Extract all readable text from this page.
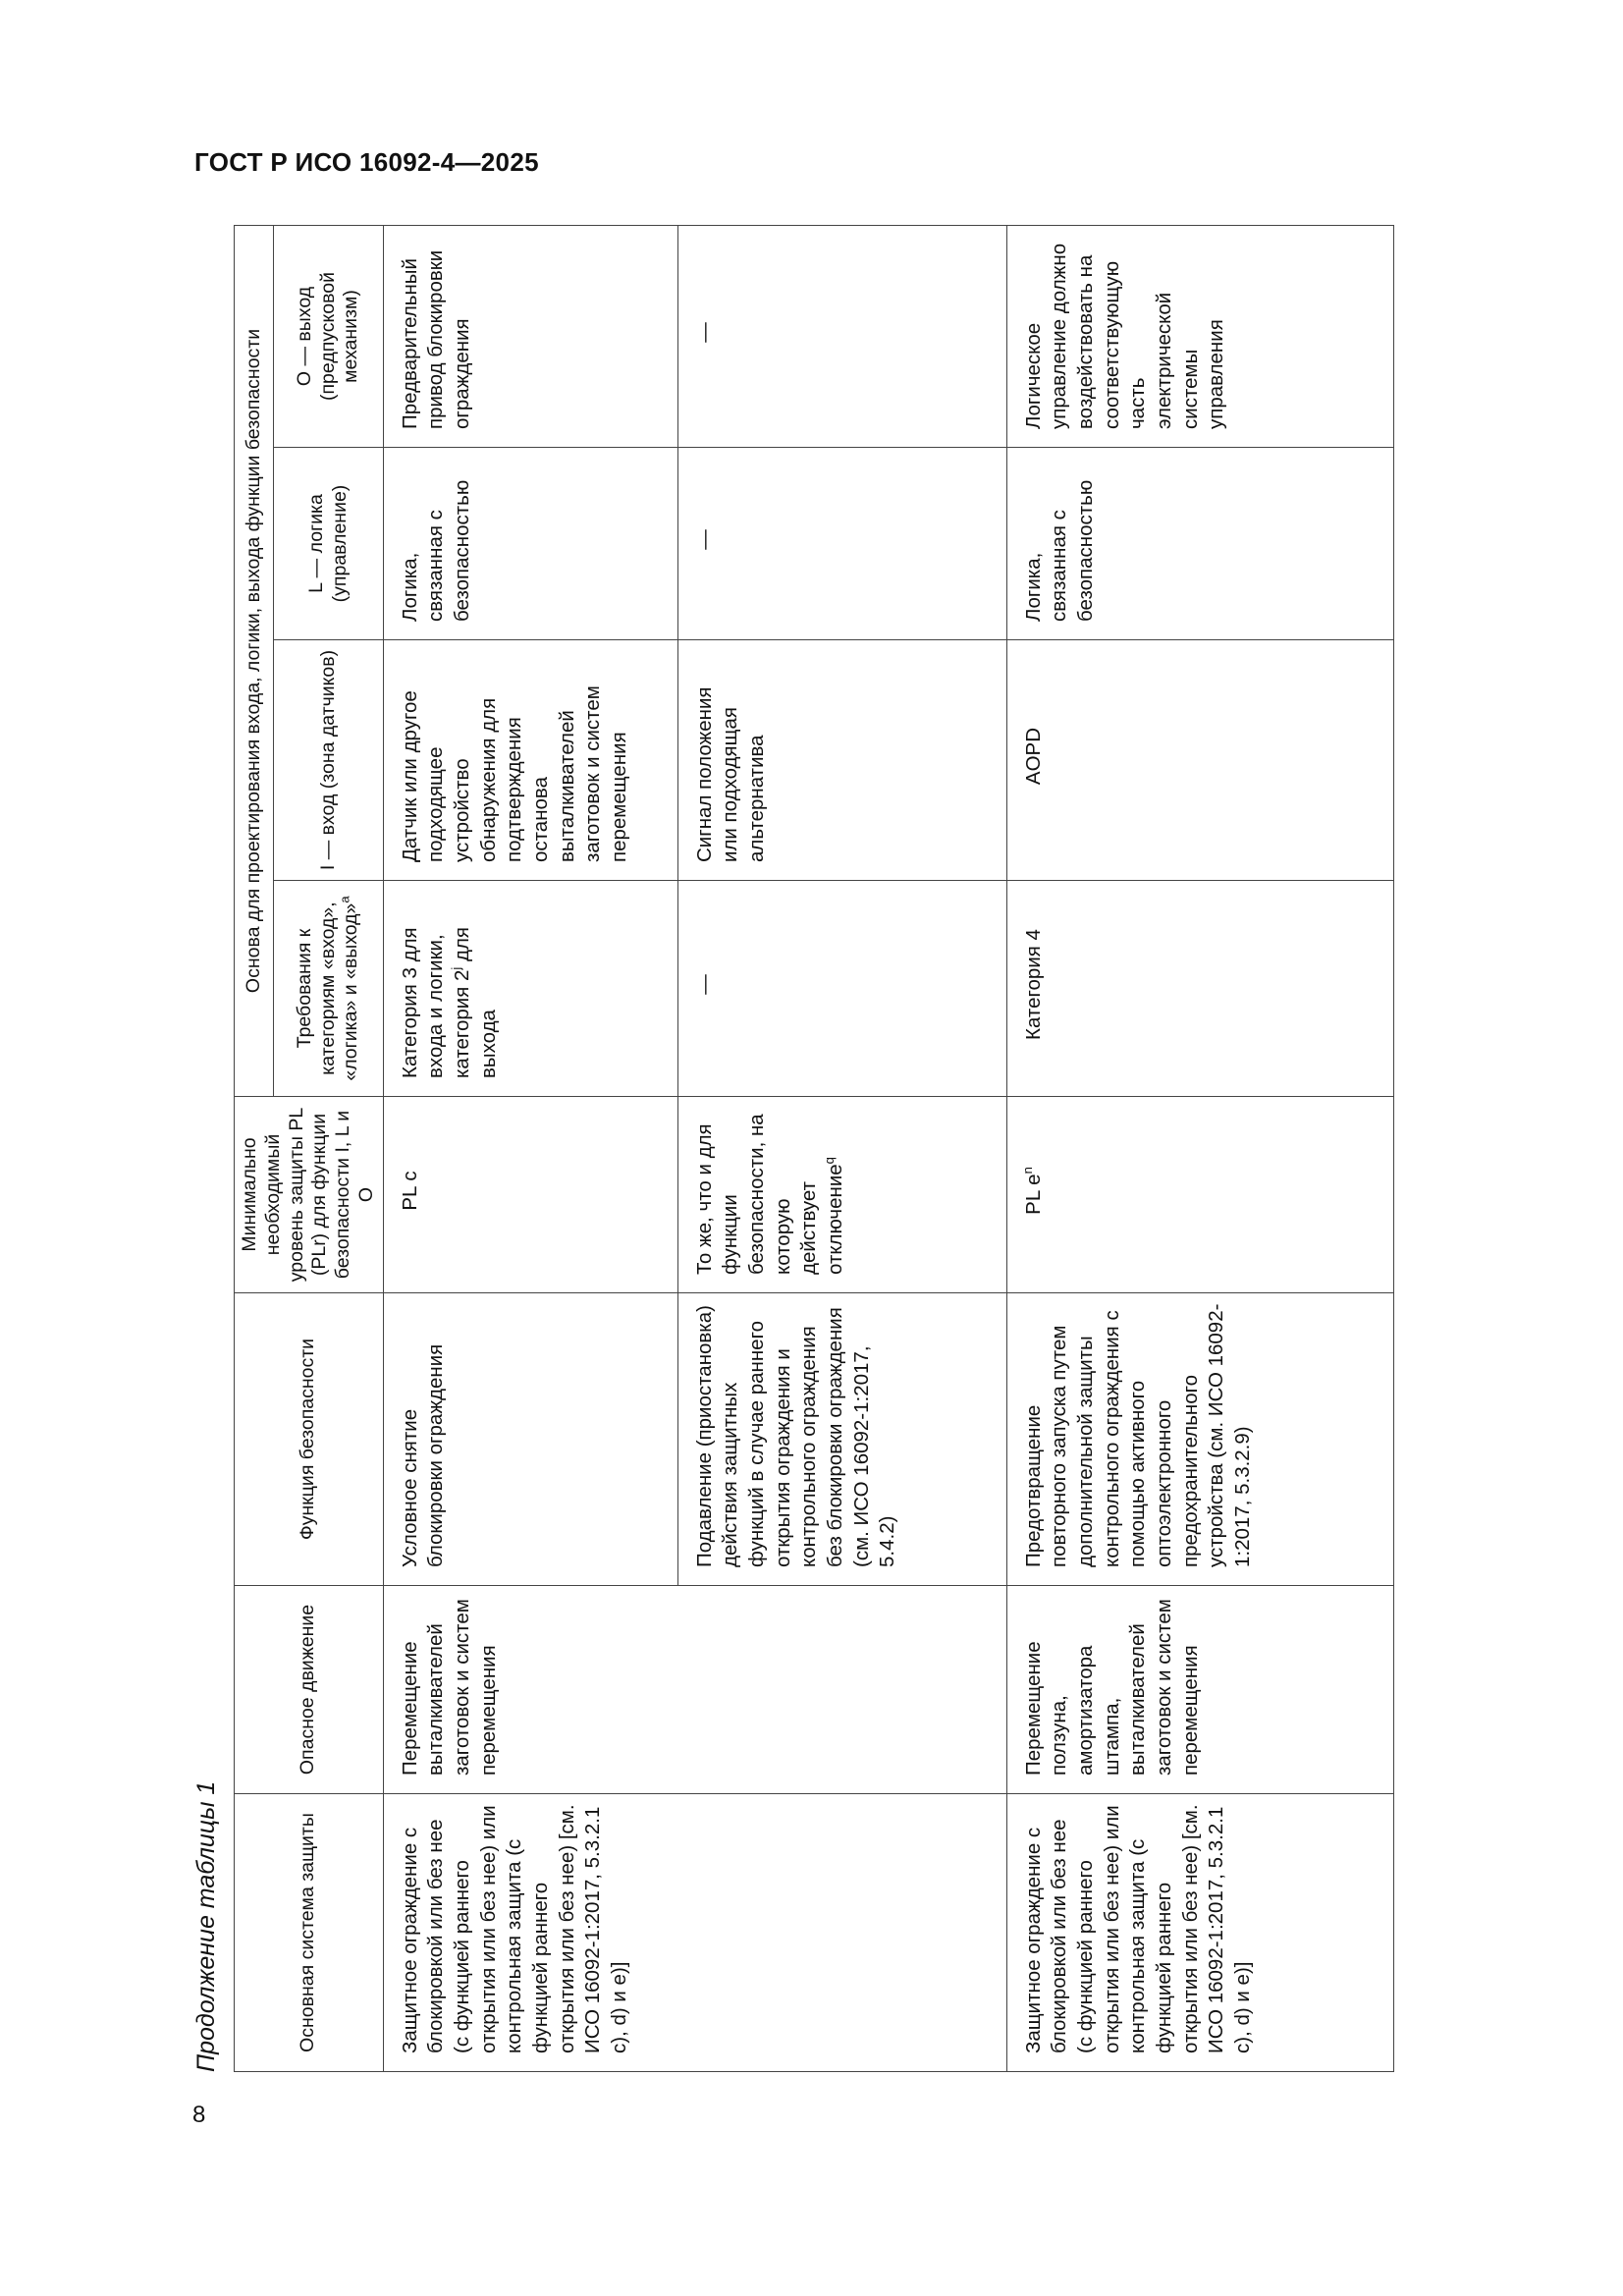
ГОСТ Р ИСО 16092-4—2025
8
Продолжение таблицы 1	Основная система защиты	Опасное движение	Функция безопасности	Минимально необходимый уровень защиты PL (PLr) для функции безопасности I, L и O	Основа для проектирования входа, логики, выхода функции безопасности			
				Требования к категориям «вход», «логика» и «выход»$^a$	I — вход (зона датчиков)	L — логика (управление)	O — выход (предпусковой механизм)
Защитное ограждение с блокировкой или без нее (с функцией раннего открытия или без нее) или контрольная защита (с функцией раннего открытия или без нее) [см. ИСО 16092-1:2017, 5.3.2.1 c), d) и e)]	Перемещение выталкивателей заготовок и систем перемещения	Условное снятие блокировки ограждения	PL c	Категория 3 для входа и логики, категория 2$^j$ для выхода	Датчик или другое подходящее устройство обнаружения для подтверждения останова выталкивателей заготовок и систем перемещения	Логика, связанная с безопасностью	Предварительный привод блокировки ограждения
		Подавление (приостановка) действия защитных функций в случае раннего открытия ограждения и контрольного ограждения без блокировки ограждения (см. ИСО 16092-1:2017, 5.4.2)	То же, что и для функции безопасности, на которую действует отключение$^q$	—	Сигнал положения или подходящая альтернатива	—	—
Защитное ограждение с блокировкой или без нее (с функцией раннего открытия или без нее) или контрольная защита (с функцией раннего открытия или без нее) [см. ИСО 16092-1:2017, 5.3.2.1 c), d) и e)]	Перемещение ползуна, амортизатора штампа, выталкивателей заготовок и систем перемещения	Предотвращение повторного запуска путем дополнительной защиты контрольного ограждения с помощью активного оптоэлектронного предохранительного устройства (см. ИСО 16092-1:2017, 5.3.2.9)	PL $e^n$	Категория 4	AOPD	Логика, связанная с безопасностью	Логическое управление должно воздействовать на соответствующую часть электрической системы управления
